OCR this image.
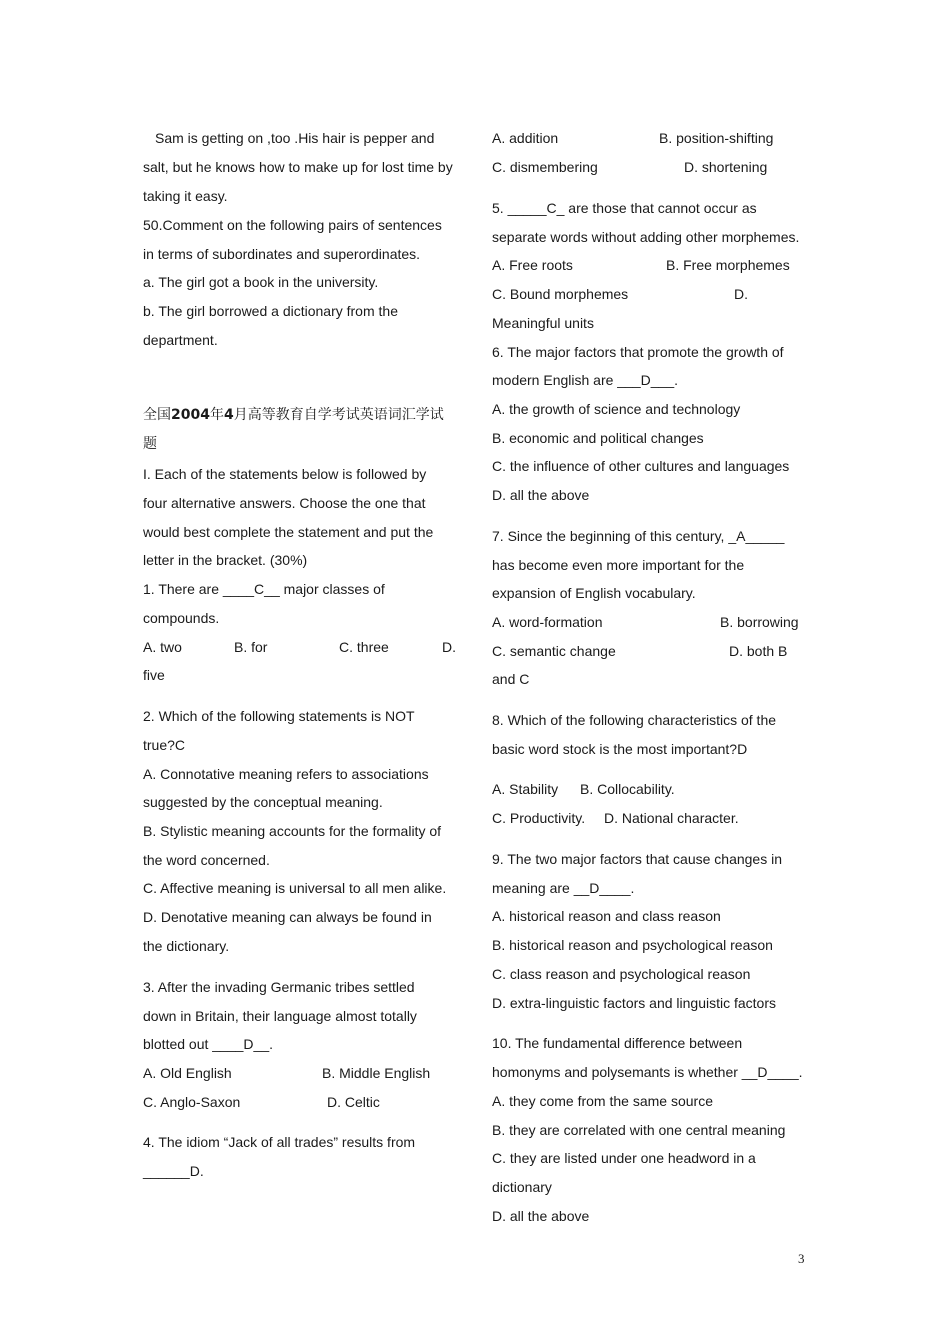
Sam is getting on ,too .His hair is pepper and
salt, but he knows how to make up for lost time by
taking it easy.
50.Comment on the following pairs of sentences
in terms of subordinates and superordinates.
a. The girl got a book in the university.
b. The girl borrowed a dictionary from the
department.
全国2004年4月高等教育自学考试英语词汇学试
题
I. Each of the statements below is followed by
four alternative answers. Choose the one that
would best complete the statement and put the
letter in the bracket. (30%)
1. There are ____C__ major classes of
compounds.
A. two	B. for	C. three	D.
five
2. Which of the following statements is NOT
true?C
A. Connotative meaning refers to associations
suggested by the conceptual meaning.
B. Stylistic meaning accounts for the formality of
the word concerned.
C. Affective meaning is universal to all men alike.
D. Denotative meaning can always be found in
the dictionary.
3. After the invading Germanic tribes settled
down in Britain, their language almost totally
blotted out ____D__.
A. Old English	B. Middle English
C. Anglo-Saxon	D. Celtic
4. The idiom “Jack of all trades” results from
______D.
A. addition	B. position-shifting
C. dismembering	D. shortening
5. _____C_ are those that cannot occur as
separate words without adding other morphemes.
A. Free roots	B. Free morphemes
C. Bound morphemes	D.
Meaningful units
6. The major factors that promote the growth of
modern English are ___D___.
A. the growth of science and technology
B. economic and political changes
C. the influence of other cultures and languages
D. all the above
7. Since the beginning of this century, _A_____
has become even more important for the
expansion of English vocabulary.
A. word-formation	B. borrowing
C. semantic change	D. both B
and C
8. Which of the following characteristics of the
basic word stock is the most important?D
A. Stability B. Collocability.
C. Productivity. D. National character.
9. The two major factors that cause changes in
meaning are __D____.
A. historical reason and class reason
B. historical reason and psychological reason
C. class reason and psychological reason
D. extra-linguistic factors and linguistic factors
10. The fundamental difference between
homonyms and polysemants is whether __D____.
A. they come from the same source
B. they are correlated with one central meaning
C. they are listed under one headword in a
dictionary
D. all the above
3
